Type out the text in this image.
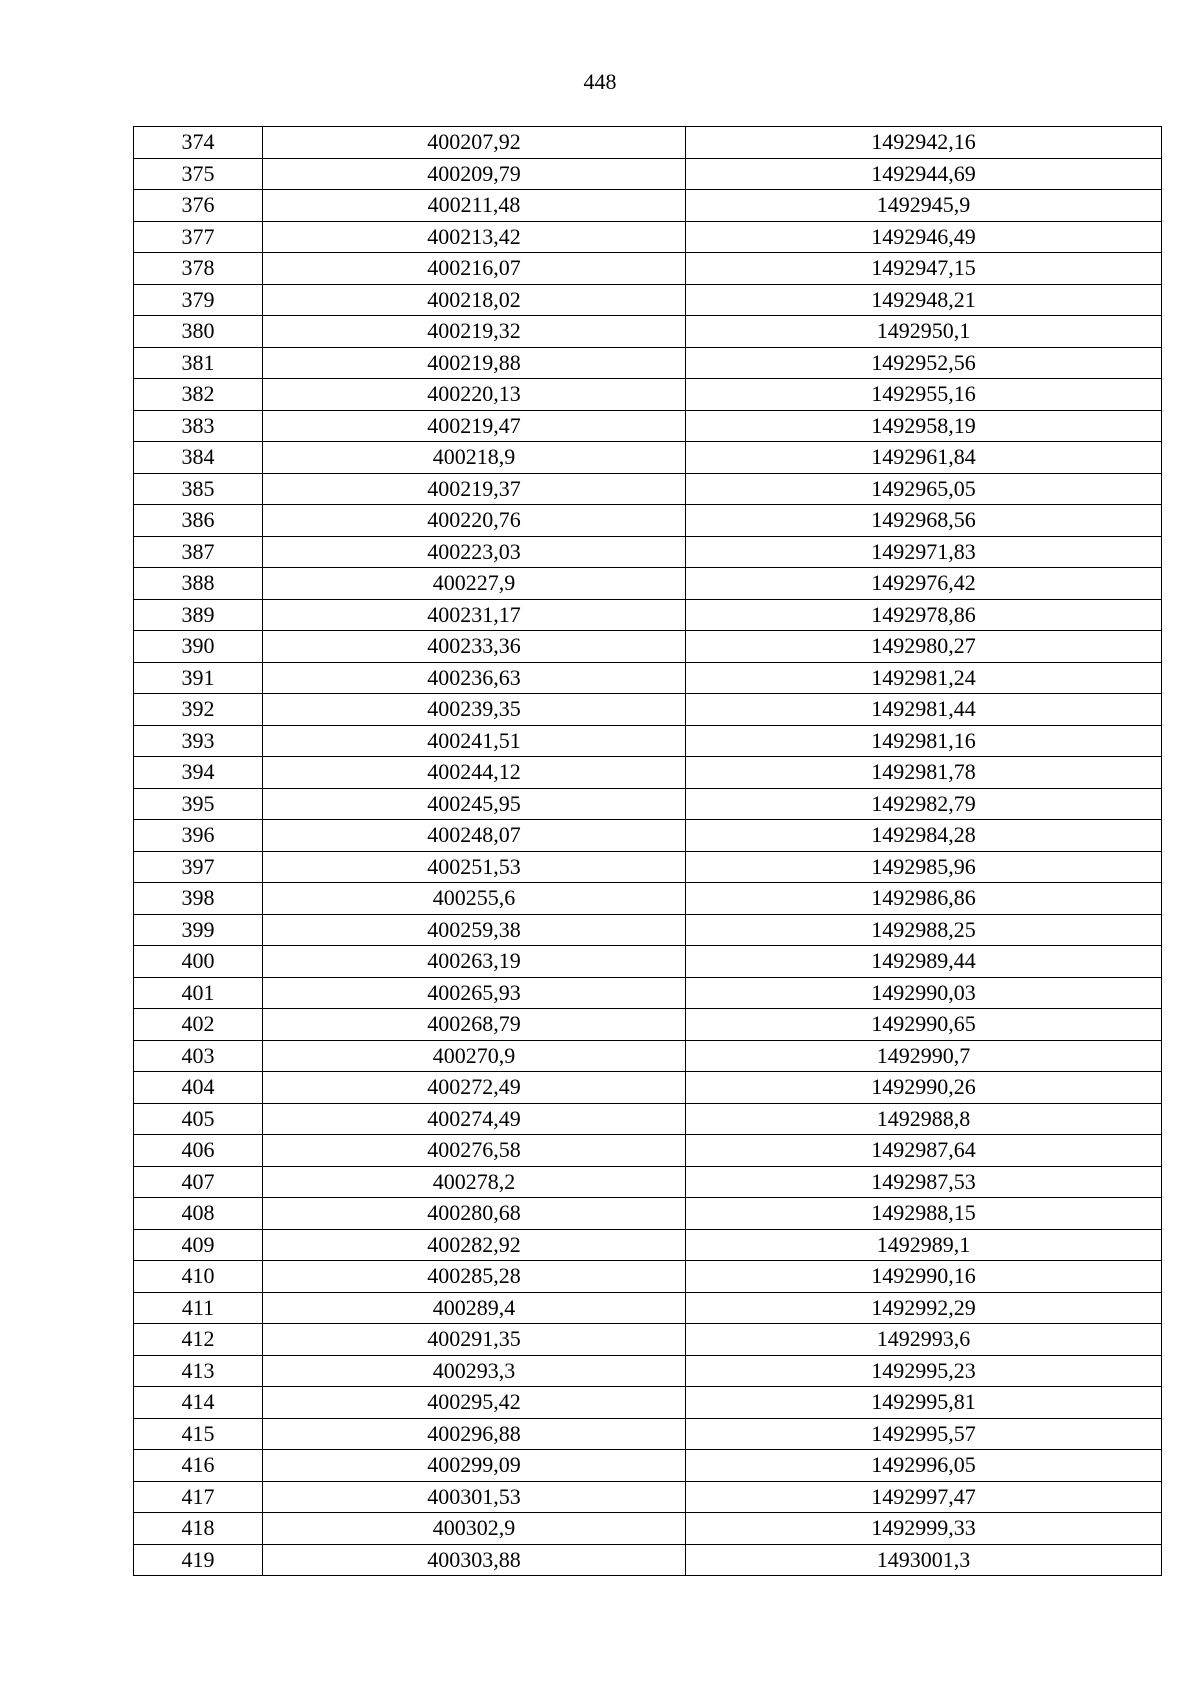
448
374	400207,92	1492942,16
375	400209,79	1492944,69
376	400211,48	1492945,9
377	400213,42	1492946,49
378	400216,07	1492947,15
379	400218,02	1492948,21
380	400219,32	1492950,1
381	400219,88	1492952,56
382	400220,13	1492955,16
383	400219,47	1492958,19
384	400218,9	1492961,84
385	400219,37	1492965,05
386	400220,76	1492968,56
387	400223,03	1492971,83
388	400227,9	1492976,42
389	400231,17	1492978,86
390	400233,36	1492980,27
391	400236,63	1492981,24
392	400239,35	1492981,44
393	400241,51	1492981,16
394	400244,12	1492981,78
395	400245,95	1492982,79
396	400248,07	1492984,28
397	400251,53	1492985,96
398	400255,6	1492986,86
399	400259,38	1492988,25
400	400263,19	1492989,44
401	400265,93	1492990,03
402	400268,79	1492990,65
403	400270,9	1492990,7
404	400272,49	1492990,26
405	400274,49	1492988,8
406	400276,58	1492987,64
407	400278,2	1492987,53
408	400280,68	1492988,15
409	400282,92	1492989,1
410	400285,28	1492990,16
411	400289,4	1492992,29
412	400291,35	1492993,6
413	400293,3	1492995,23
414	400295,42	1492995,81
415	400296,88	1492995,57
416	400299,09	1492996,05
417	400301,53	1492997,47
418	400302,9	1492999,33
419	400303,88	1493001,3
